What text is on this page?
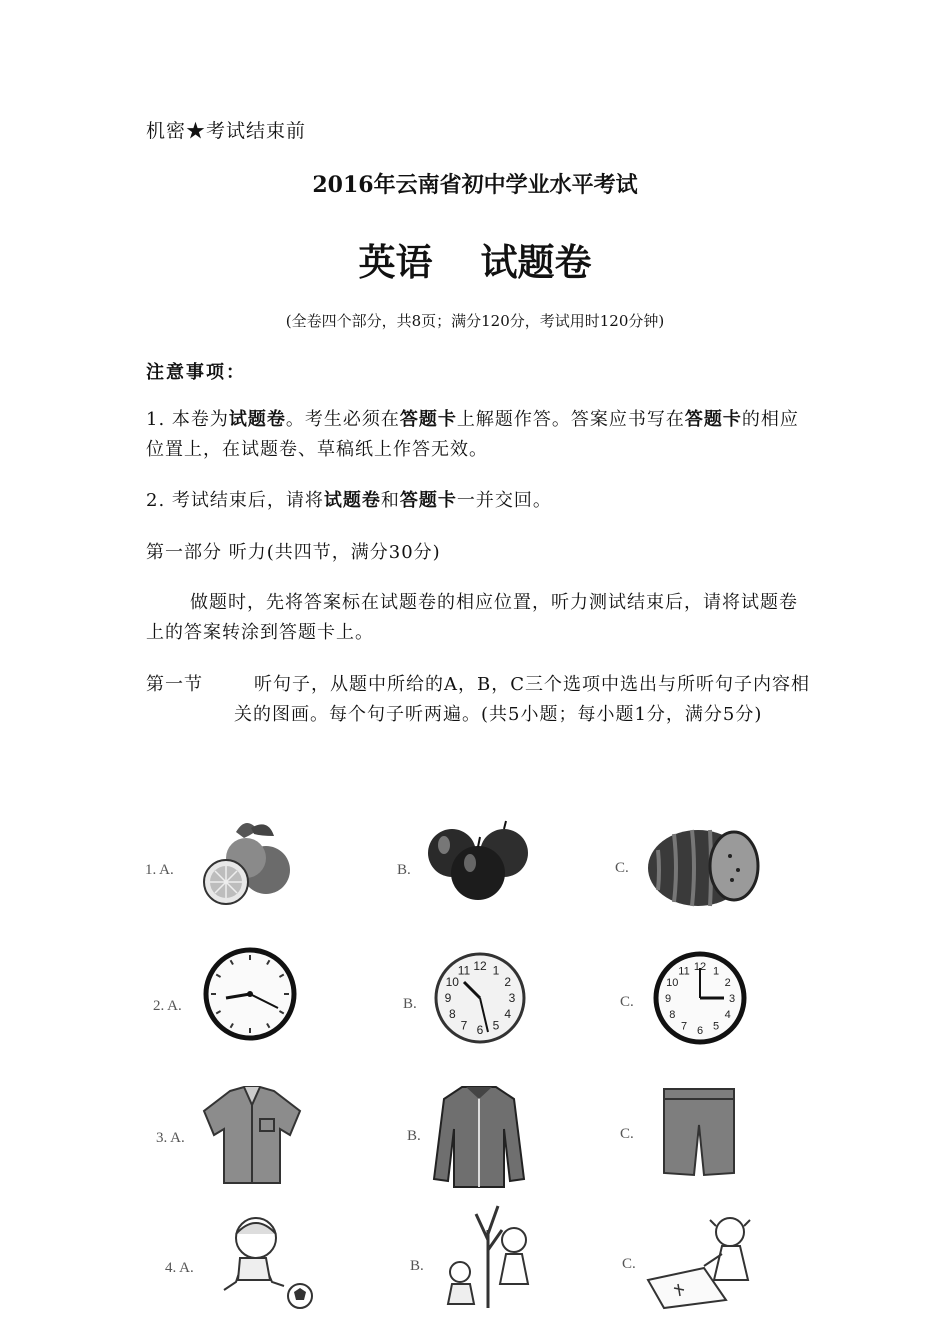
机密★考试结束前
2016年云南省初中学业水平考试
英语 试题卷
(全卷四个部分，共8页；满分120分，考试用时120分钟)
注意事项：
1. 本卷为试题卷。考生必须在答题卡上解题作答。答案应书写在答题卡的相应位置上，在试题卷、草稿纸上作答无效。
2. 考试结束后，请将试题卷和答题卡一并交回。
第一部分 听力(共四节，满分30分)
做题时，先将答案标在试题卷的相应位置，听力测试结束后，请将试题卷上的答案转涂到答题卡上。
第一节	听句子，从题中所给的A，B，C三个选项中选出与所听句子内容相关的图画。每个句子听两遍。(共5小题；每小题1分，满分5分)
1. A.	B.	C.
2. A.	B.
12 1
2
3
4
5
6
7
8
9
10
11
C.
12 1
2
3
4
5
6
7
8
9
10
11
3. A.	B.	C.
4. A.	B.	C.
